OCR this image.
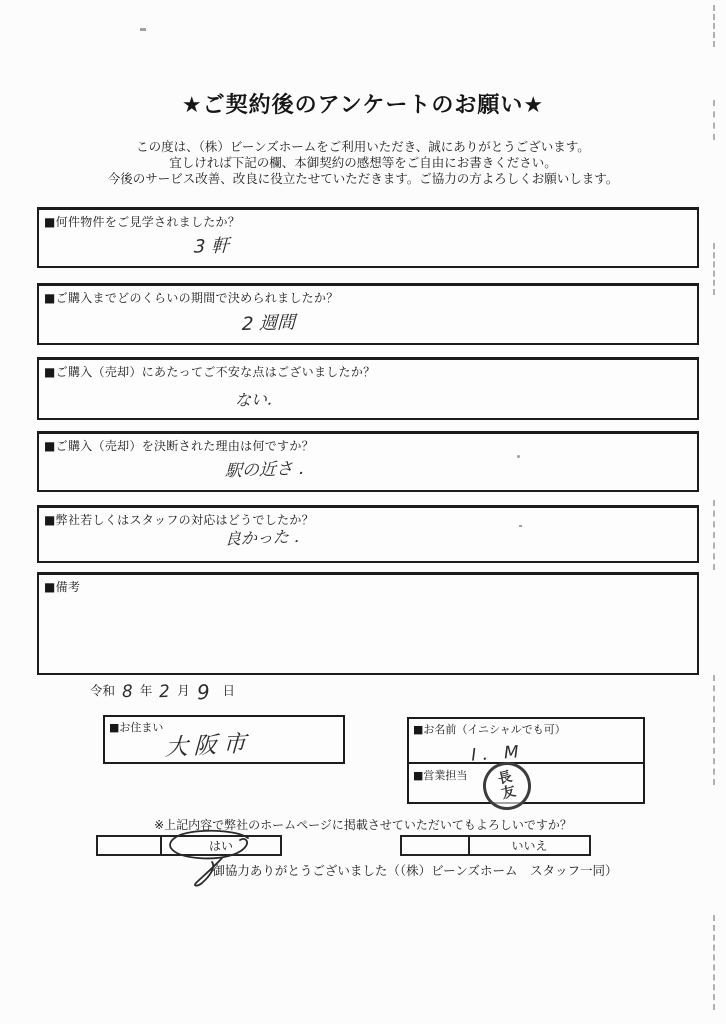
★ご契約後のアンケートのお願い★
この度は、（株）ビーンズホームをご利用いただき、誠にありがとうございます。
宜しければ下記の欄、本御契約の感想等をご自由にお書きください。
今後のサービス改善、改良に役立たせていただきます。ご協力の方よろしくお願いします。
■何件物件をご見学されましたか？
3 軒
■ご購入までどのくらいの期間で決められましたか？
2 週間
■ご購入（売却）にあたってご不安な点はございましたか？
ない．
■ご購入（売却）を決断された理由は何ですか？
駅の近さ ．
■弊社若しくはスタッフの対応はどうでしたか？
良かった ．
■備考
令和 8 年 2 月 9 日
■お住まい
大阪市
■お名前（イニシャルでも可）
I ． M
■営業担当 長
友
※上記内容で弊社のホームページに掲載させていただいてもよろしいですか？
はい	いいえ
御協力ありがとうございました（（株）ビーンズホーム　スタッフ一同）
